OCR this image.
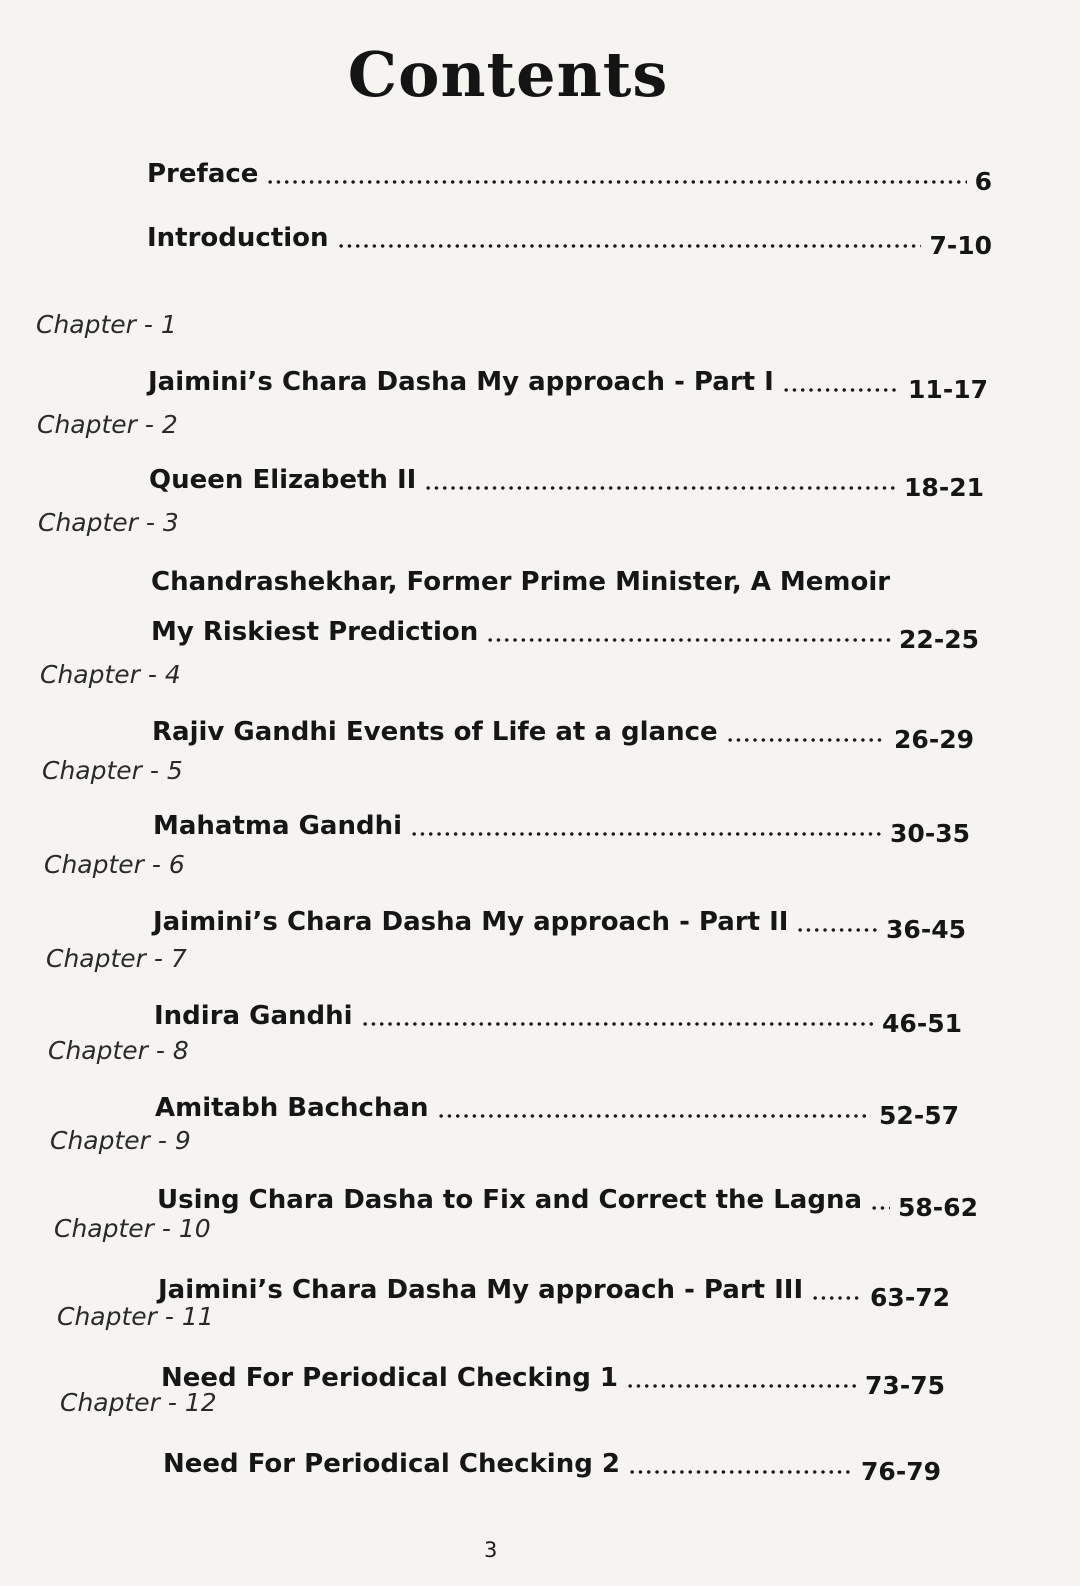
Contents
Preface	6
Introduction	7-10
Chapter - 1
Jaimini’s Chara Dasha My approach - Part I	11-17
Chapter - 2
Queen Elizabeth II	18-21
Chapter - 3
Chandrashekhar, Former Prime Minister, A Memoir
My Riskiest Prediction	22-25
Chapter - 4
Rajiv Gandhi Events of Life at a glance	26-29
Chapter - 5
Mahatma Gandhi	30-35
Chapter - 6
Jaimini’s Chara Dasha My approach - Part II	36-45
Chapter - 7
Indira Gandhi	46-51
Chapter - 8
Amitabh Bachchan	52-57
Chapter - 9
Using Chara Dasha to Fix and Correct the Lagna 58-62
Chapter - 10
Jaimini’s Chara Dasha My approach - Part III	63-72
Chapter - 11
Need For Periodical Checking 1	73-75
Chapter - 12
Need For Periodical Checking 2	76-79
3
